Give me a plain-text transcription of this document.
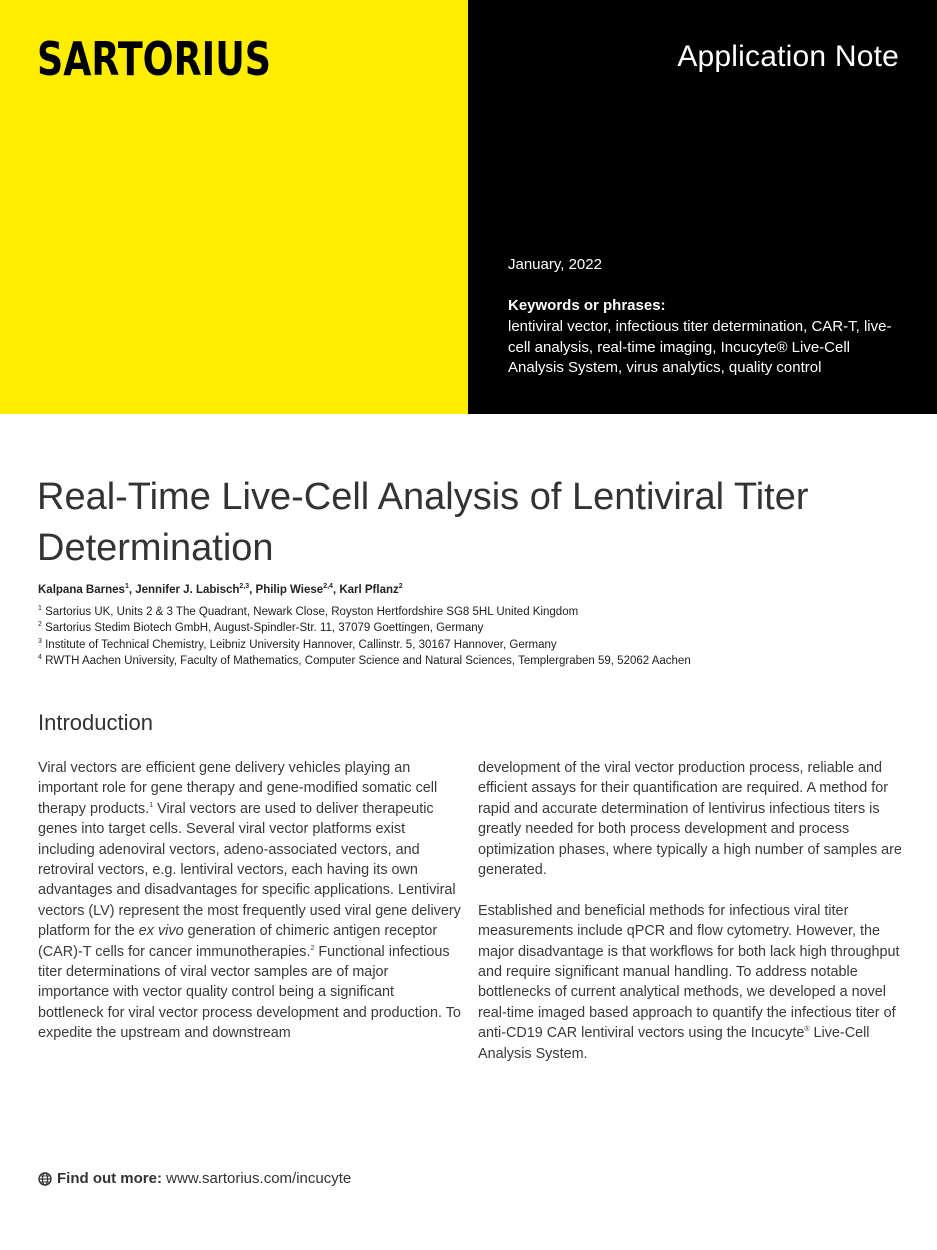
SARTORIUS	Application Note
January, 2022
Keywords or phrases:
lentiviral vector, infectious titer determination, CAR-T, live-cell analysis, real-time imaging, Incucyte® Live-Cell Analysis System, virus analytics, quality control
Real-Time Live-Cell Analysis of Lentiviral Titer Determination
Kalpana Barnes$^1$, Jennifer J. Labisch$^{2,3}$, Philip Wiese$^{2,4}$, Karl Pflanz$^2$
$^1$ Sartorius UK, Units 2 & 3 The Quadrant, Newark Close, Royston Hertfordshire SG8 5HL United Kingdom
$^2$ Sartorius Stedim Biotech GmbH, August-Spindler-Str. 11, 37079 Goettingen, Germany
$^3$ Institute of Technical Chemistry, Leibniz University Hannover, Callinstr. 5, 30167 Hannover, Germany
$^4$ RWTH Aachen University, Faculty of Mathematics, Computer Science and Natural Sciences, Templergraben 59, 52062 Aachen
Introduction

Viral vectors are efficient gene delivery vehicles playing an important role for gene therapy and gene-modified somatic cell therapy products.$^1$ Viral vectors are used to deliver therapeutic genes into target cells. Several viral vector platforms exist including adenoviral vectors, adeno-associated vectors, and retroviral vectors, e.g. lentiviral vectors, each having its own advantages and disadvantages for specific applications. Lentiviral vectors (LV) represent the most frequently used viral gene delivery platform for the ex vivo generation of chimeric antigen receptor (CAR)-T cells for cancer immunotherapies.$^2$ Functional infectious titer determinations of viral vector samples are of major importance with vector quality control being a significant bottleneck for viral vector process development and production. To expedite the upstream and downstream

development of the viral vector production process, reliable and efficient assays for their quantification are required. A method for rapid and accurate determination of lentivirus infectious titers is greatly needed for both process development and process optimization phases, where typically a high number of samples are generated.

Established and beneficial methods for infectious viral titer measurements include qPCR and flow cytometry. However, the major disadvantage is that workflows for both lack high throughput and require significant manual handling. To address notable bottlenecks of current analytical methods, we developed a novel real-time imaged based approach to quantify the infectious titer of anti-CD19 CAR lentiviral vectors using the Incucyte® Live-Cell Analysis System.

Find out more: www.sartorius.com/incucyte
